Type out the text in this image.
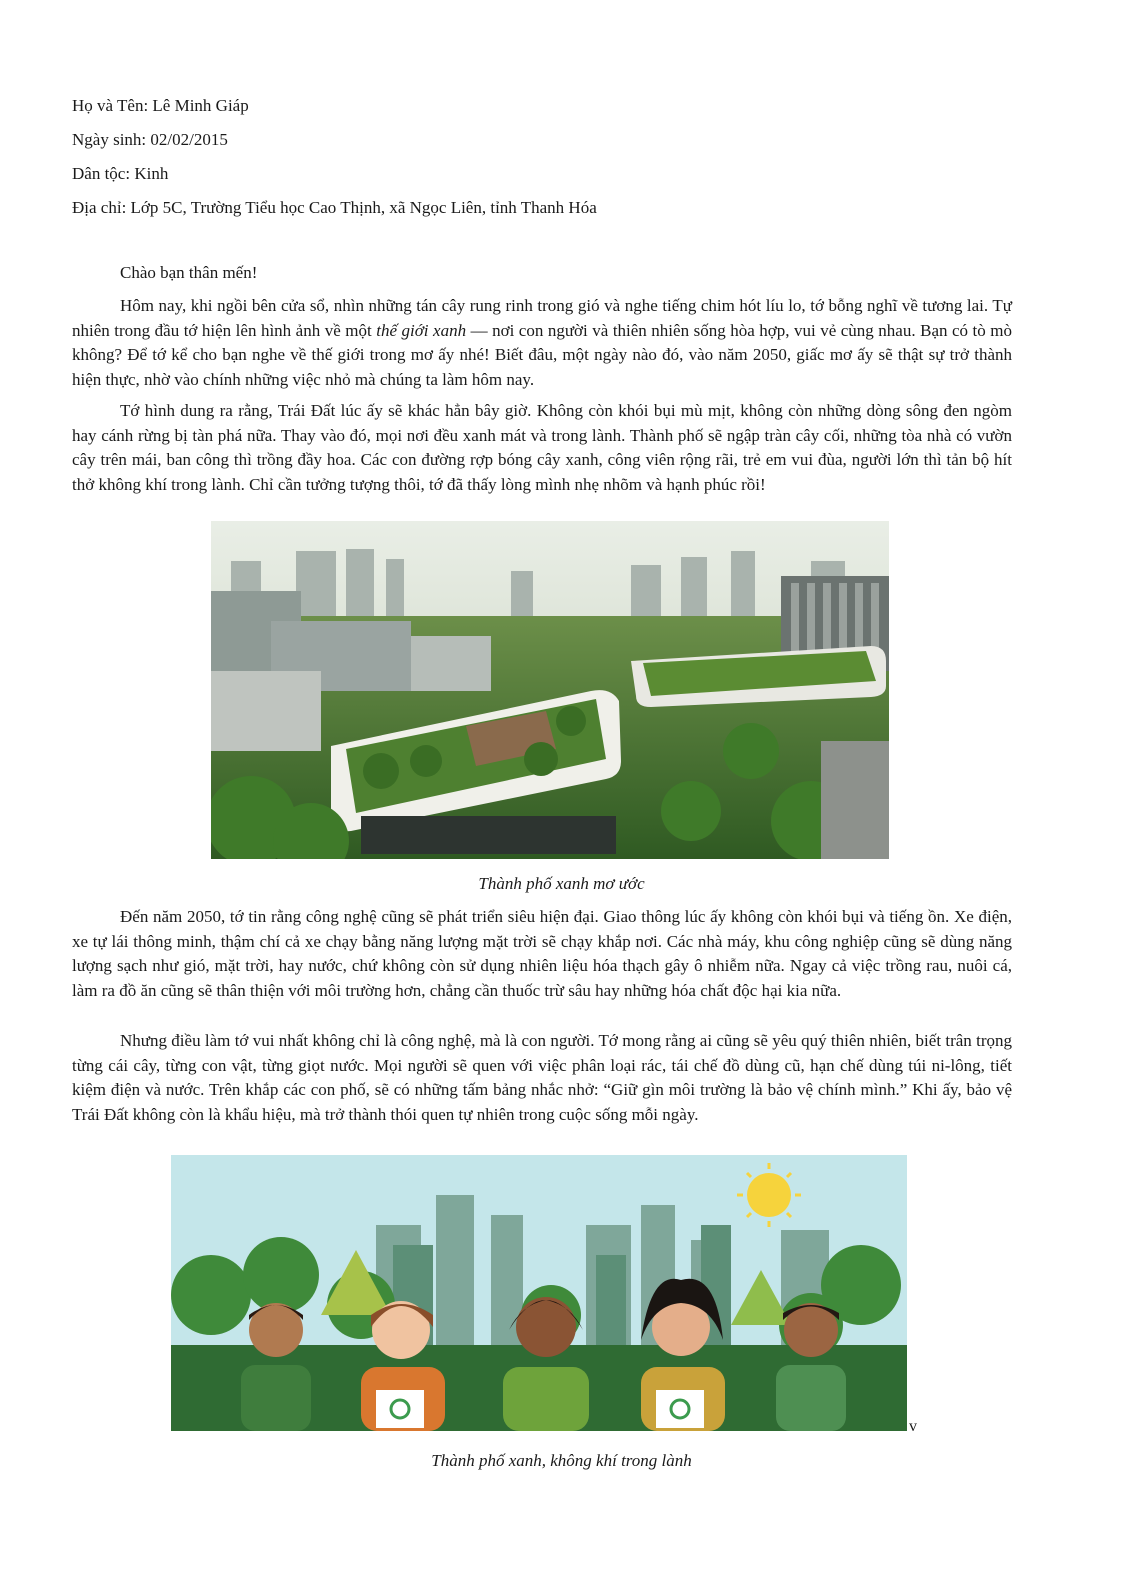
Họ và Tên: Lê Minh Giáp
Ngày sinh: 02/02/2015
Dân tộc: Kinh
Địa chỉ: Lớp 5C, Trường Tiểu học Cao Thịnh, xã Ngọc Liên, tỉnh Thanh Hóa
Chào bạn thân mến!

Hôm nay, khi ngồi bên cửa sổ, nhìn những tán cây rung rinh trong gió và nghe tiếng chim hót líu lo, tớ bỗng nghĩ về tương lai. Tự nhiên trong đầu tớ hiện lên hình ảnh về một thế giới xanh — nơi con người và thiên nhiên sống hòa hợp, vui vẻ cùng nhau. Bạn có tò mò không? Để tớ kể cho bạn nghe về thế giới trong mơ ấy nhé! Biết đâu, một ngày nào đó, vào năm 2050, giấc mơ ấy sẽ thật sự trở thành hiện thực, nhờ vào chính những việc nhỏ mà chúng ta làm hôm nay.

Tớ hình dung ra rằng, Trái Đất lúc ấy sẽ khác hẳn bây giờ. Không còn khói bụi mù mịt, không còn những dòng sông đen ngòm hay cánh rừng bị tàn phá nữa. Thay vào đó, mọi nơi đều xanh mát và trong lành. Thành phố sẽ ngập tràn cây cối, những tòa nhà có vườn cây trên mái, ban công thì trồng đầy hoa. Các con đường rợp bóng cây xanh, công viên rộng rãi, trẻ em vui đùa, người lớn thì tản bộ hít thở không khí trong lành. Chỉ cần tưởng tượng thôi, tớ đã thấy lòng mình nhẹ nhõm và hạnh phúc rồi!

Thành phố xanh mơ ước

Đến năm 2050, tớ tin rằng công nghệ cũng sẽ phát triển siêu hiện đại. Giao thông lúc ấy không còn khói bụi và tiếng ồn. Xe điện, xe tự lái thông minh, thậm chí cả xe chạy bằng năng lượng mặt trời sẽ chạy khắp nơi. Các nhà máy, khu công nghiệp cũng sẽ dùng năng lượng sạch như gió, mặt trời, hay nước, chứ không còn sử dụng nhiên liệu hóa thạch gây ô nhiễm nữa. Ngay cả việc trồng rau, nuôi cá, làm ra đồ ăn cũng sẽ thân thiện với môi trường hơn, chẳng cần thuốc trừ sâu hay những hóa chất độc hại kia nữa.

Nhưng điều làm tớ vui nhất không chỉ là công nghệ, mà là con người. Tớ mong rằng ai cũng sẽ yêu quý thiên nhiên, biết trân trọng từng cái cây, từng con vật, từng giọt nước. Mọi người sẽ quen với việc phân loại rác, tái chế đồ dùng cũ, hạn chế dùng túi ni-lông, tiết kiệm điện và nước. Trên khắp các con phố, sẽ có những tấm bảng nhắc nhở: “Giữ gìn môi trường là bảo vệ chính mình.” Khi ấy, bảo vệ Trái Đất không còn là khẩu hiệu, mà trở thành thói quen tự nhiên trong cuộc sống mỗi ngày.

v
Thành phố xanh, không khí trong lành
